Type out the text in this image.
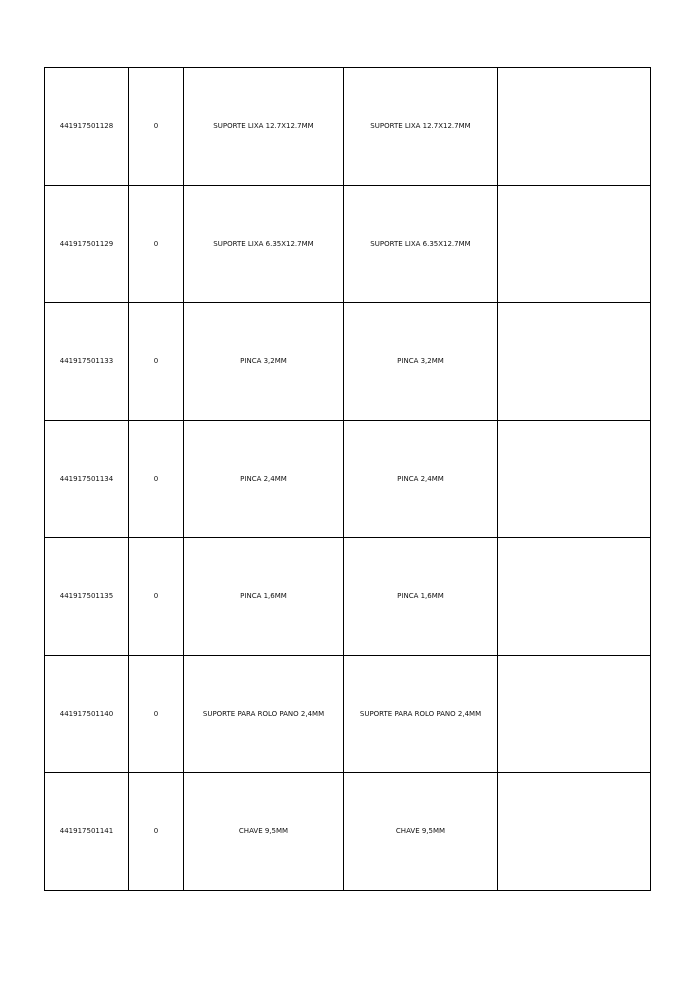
441917501128	0	SUPORTE LIXA 12.7X12.7MM	SUPORTE LIXA 12.7X12.7MM	
441917501129	0	SUPORTE LIXA 6.35X12.7MM	SUPORTE LIXA 6.35X12.7MM	
441917501133	0	PINCA 3,2MM	PINCA 3,2MM	
441917501134	0	PINCA 2,4MM	PINCA 2,4MM	
441917501135	0	PINCA 1,6MM	PINCA 1,6MM	
441917501140	0	SUPORTE PARA ROLO PANO 2,4MM	SUPORTE PARA ROLO PANO 2,4MM	
441917501141	0	CHAVE 9,5MM	CHAVE 9,5MM	
